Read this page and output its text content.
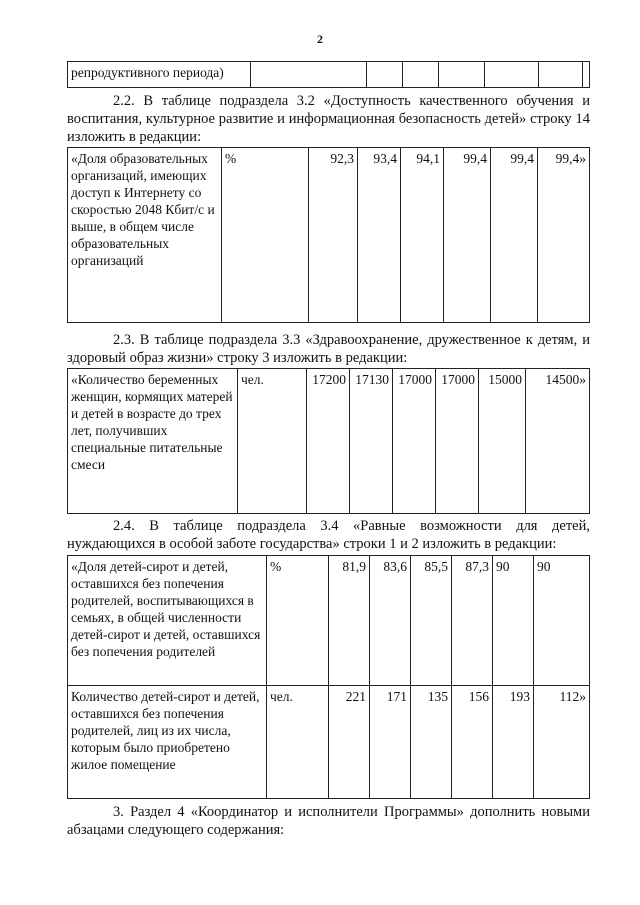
2
репродуктивного периода)							
2.2. В таблице подраздела 3.2 «Доступность качественного обучения и воспитания, культурное развитие и информационная безопасность детей» строку 14 изложить в редакции:
«Доля образовательных организаций, имеющих доступ к Интернету со скоростью 2048 Кбит/с и выше, в общем числе образовательных организаций	%	92,3	93,4	94,1	99,4	99,4	99,4»
2.3. В таблице подраздела 3.3 «Здравоохранение, дружественное к детям, и здоровый образ жизни» строку 3 изложить в редакции:
«Количество беременных женщин, кормящих матерей и детей в возрасте до трех лет, получивших специальные питательные смеси	чел.	17200	17130	17000	17000	15000	14500»
2.4. В таблице подраздела 3.4 «Равные возможности для детей, нуждающихся в особой заботе государства» строки 1 и 2 изложить в редакции:
«Доля детей-сирот и детей, оставшихся без попечения родителей, воспитывающихся в семьях, в общей численности детей-сирот и детей, оставшихся без попечения родителей	%	81,9	83,6	85,5	87,3	90	90
Количество детей-сирот и детей, оставшихся без попечения родителей, лиц из их числа, которым было приобретено жилое помещение	чел.	221	171	135	156	193	112»
3. Раздел 4 «Координатор и исполнители Программы» дополнить новыми абзацами следующего содержания:
